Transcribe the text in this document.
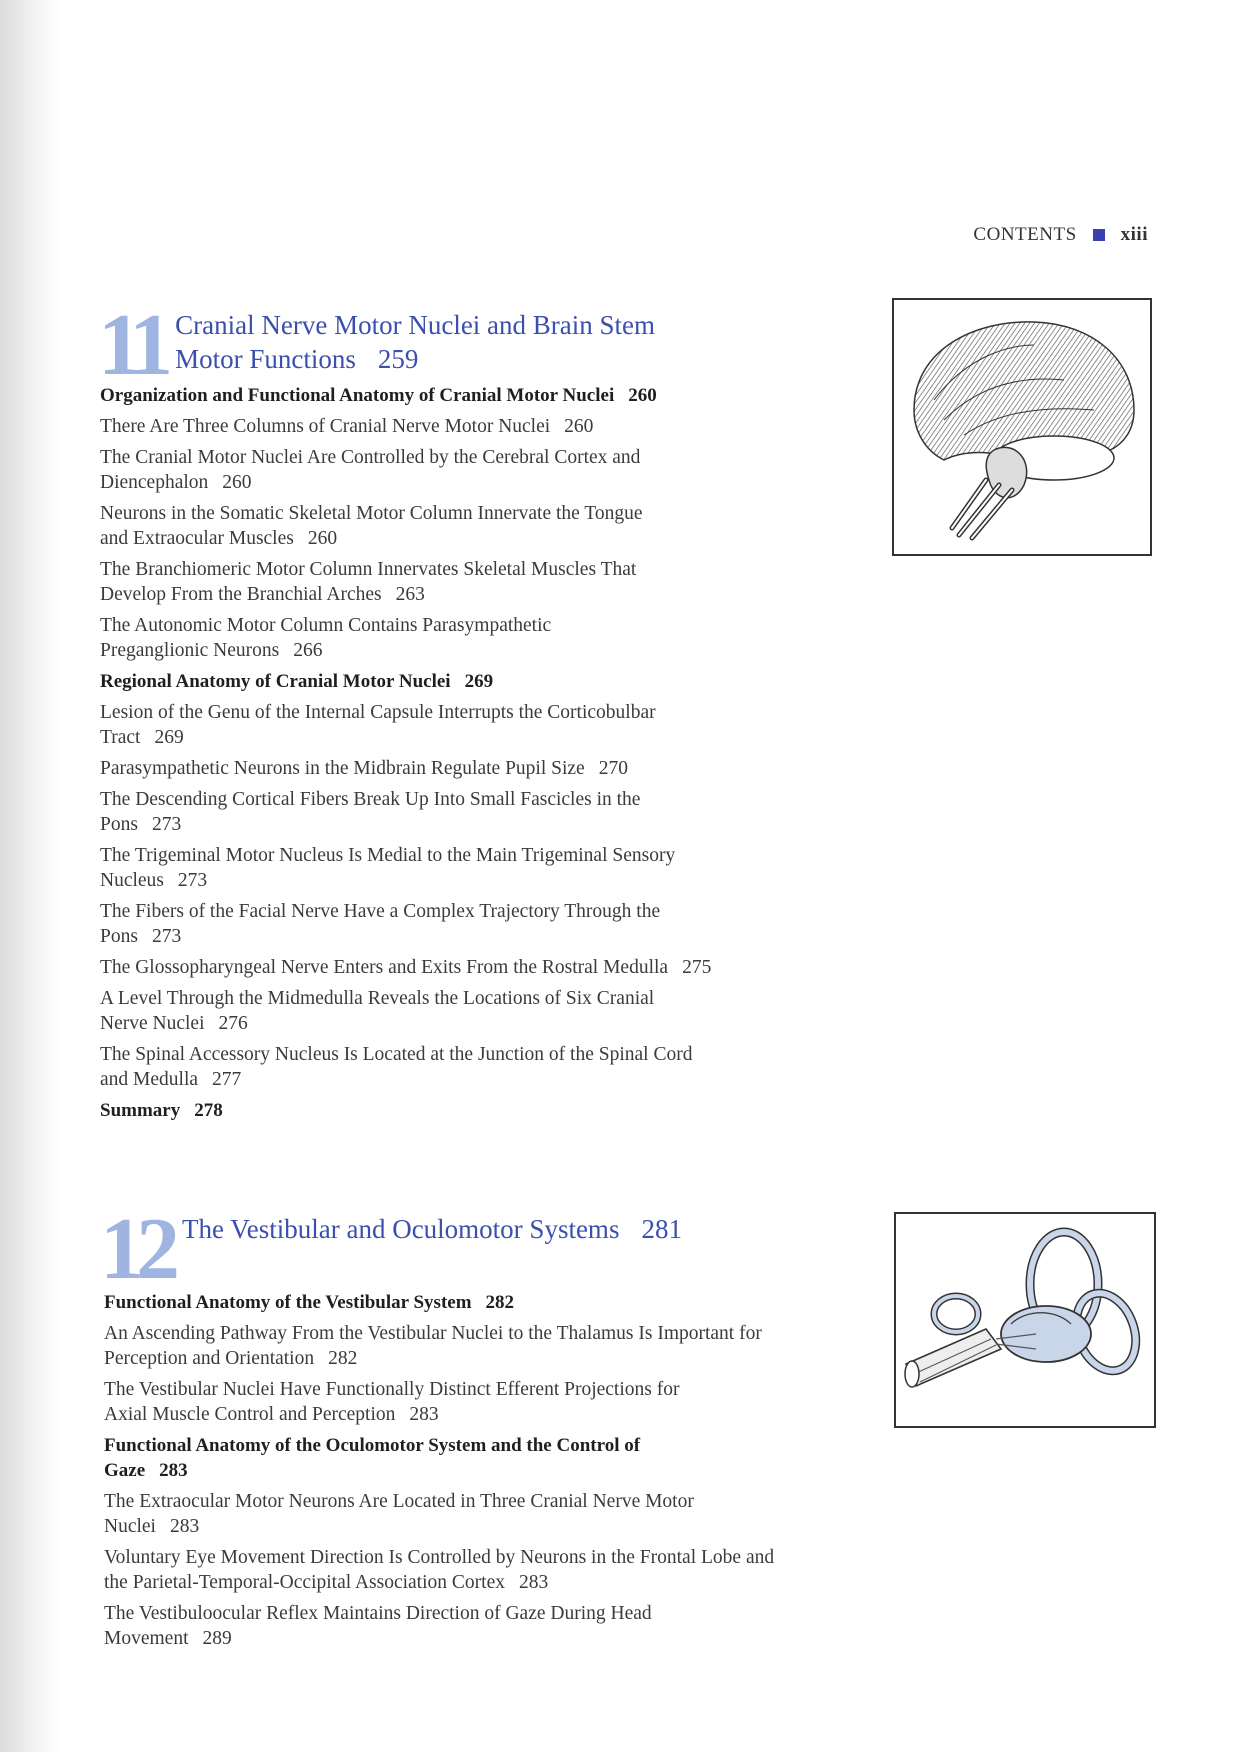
CONTENTS xiii
11 Cranial Nerve Motor Nuclei and Brain Stem
Motor Functions 259
Organization and Functional Anatomy of Cranial Motor Nuclei 260
There Are Three Columns of Cranial Nerve Motor Nuclei 260
The Cranial Motor Nuclei Are Controlled by the Cerebral Cortex and Diencephalon 260
Neurons in the Somatic Skeletal Motor Column Innervate the Tongue and Extraocular Muscles 260
The Branchiomeric Motor Column Innervates Skeletal Muscles That Develop From the Branchial Arches 263
The Autonomic Motor Column Contains Parasympathetic Preganglionic Neurons 266
Regional Anatomy of Cranial Motor Nuclei 269
Lesion of the Genu of the Internal Capsule Interrupts the Corticobulbar Tract 269
Parasympathetic Neurons in the Midbrain Regulate Pupil Size 270
The Descending Cortical Fibers Break Up Into Small Fascicles in the Pons 273
The Trigeminal Motor Nucleus Is Medial to the Main Trigeminal Sensory Nucleus 273
The Fibers of the Facial Nerve Have a Complex Trajectory Through the Pons 273
The Glossopharyngeal Nerve Enters and Exits From the Rostral Medulla 275
A Level Through the Midmedulla Reveals the Locations of Six Cranial Nerve Nuclei 276
The Spinal Accessory Nucleus Is Located at the Junction of the Spinal Cord and Medulla 277
Summary 278
12 The Vestibular and Oculomotor Systems 281
Functional Anatomy of the Vestibular System 282
An Ascending Pathway From the Vestibular Nuclei to the Thalamus Is Important for Perception and Orientation 282
The Vestibular Nuclei Have Functionally Distinct Efferent Projections for Axial Muscle Control and Perception 283
Functional Anatomy of the Oculomotor System and the Control of Gaze 283
The Extraocular Motor Neurons Are Located in Three Cranial Nerve Motor Nuclei 283
Voluntary Eye Movement Direction Is Controlled by Neurons in the Frontal Lobe and the Parietal-Temporal-Occipital Association Cortex 283
The Vestibuloocular Reflex Maintains Direction of Gaze During Head Movement 289
